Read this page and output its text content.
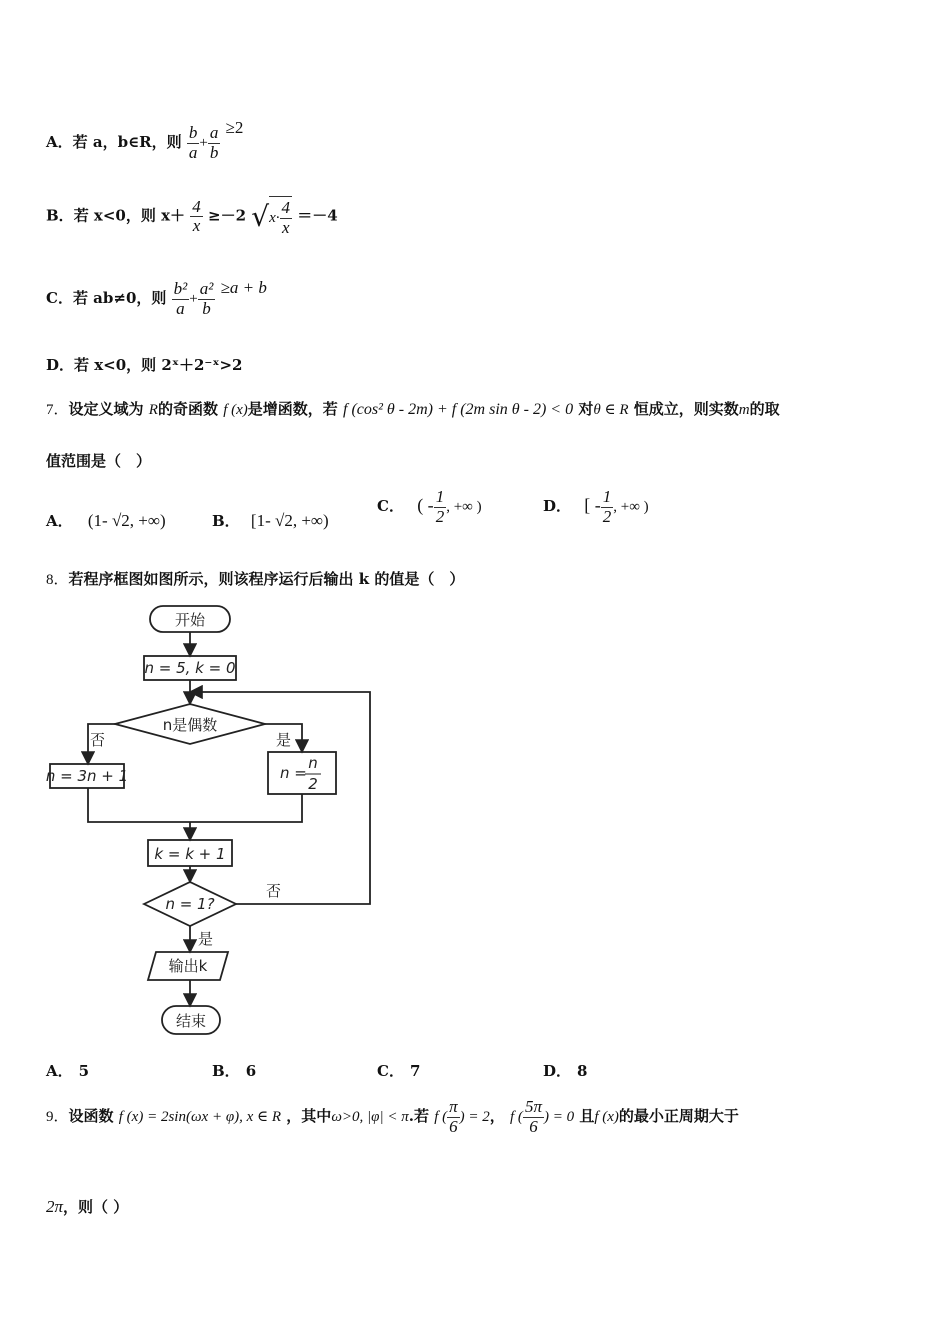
A．若 a，b∈R，则 $\frac{b}{a} + \frac{a}{b} \ge 2$
B．若 x<0，则 $x+ \frac{4}{x} \ge-2$ $√x\cdot \frac{4}{x} =-4$
C．若 ab≠0，则 $\frac{\text{b²}}{a} + \frac{\text{a²}}{b} \ge a + b$
D．若 x<0，则 2ˣ＋2⁻ˣ>2
7．设定义域为 R的奇函数 f (x)是增函数，若 f (cos² θ - 2m) + f (2m sin θ - 2) < 0 对θ ∈ R 恒成立，则实数m的取
值范围是（　）
A． (1- √2, +∞)	B． [1- √2, +∞)
C． ( - $\frac{1}{2}$ , +∞ )	D． [ - $\frac{1}{2}$ , +∞ )
8．若程序框图如图所示，则该程序运行后输出 k 的值是（　）
开始
n = 5, k = 0
n是偶数
否	是
n = 3n + 1	n =
n
2
k = k + 1
n = 1?
否
是
输出k
结束
A． 5	B． 6	C． 7	D． 8
9．设函数 f (x) = 2sin(ωx + φ), x ∈ R ，其中ω>0, |φ| < π.若 f ( $\frac{\pi}{6}$ ) = 2， f ( $\frac{5\pi}{6}$ ) = 0 且f (x)的最小正周期大于
2π，则（ ）
